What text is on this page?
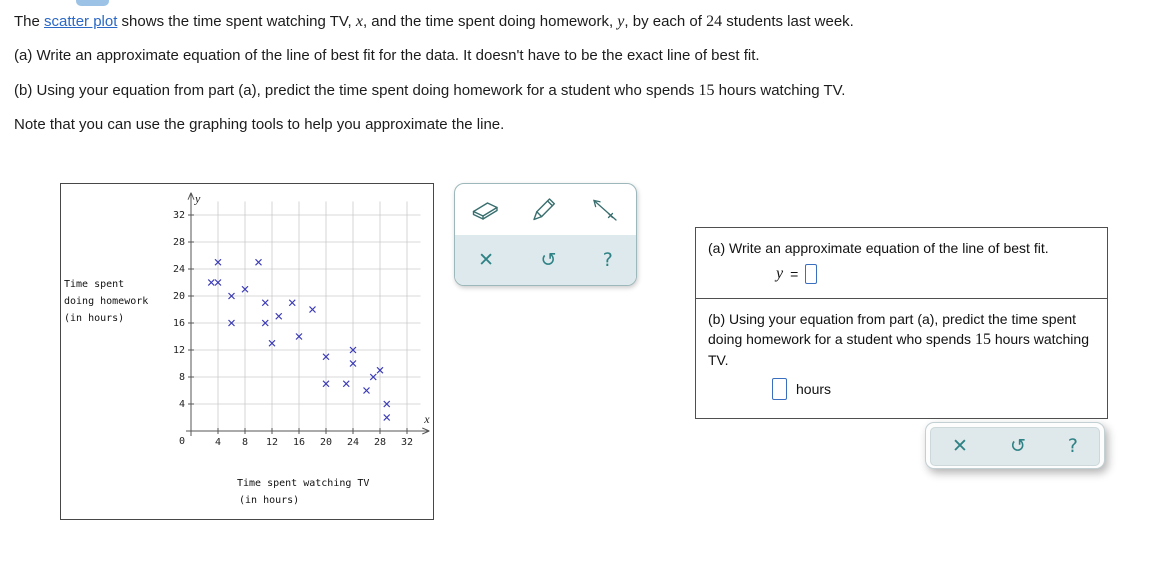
The scatter plot shows the time spent watching TV, x, and the time spent doing homework, y, by each of 24 students last week.
(a) Write an approximate equation of the line of best fit for the data. It doesn't have to be the exact line of best fit.
(b) Using your equation from part (a), predict the time spent doing homework for a student who spends 15 hours watching TV.
Note that you can use the graphing tools to help you approximate the line.
4 8 12 16 20 24 28 32
4
8
12
16
20
24
28
32
0
x
y
Time spent
doing homework
(in hours)
Time spent watching TV
(in hours)
✕	↺	?
(a) Write an approximate equation of the line of best fit.
y =
(b) Using your equation from part (a), predict the time spent doing homework for a student who spends 15 hours watching TV.
hours
✕	↺	?
